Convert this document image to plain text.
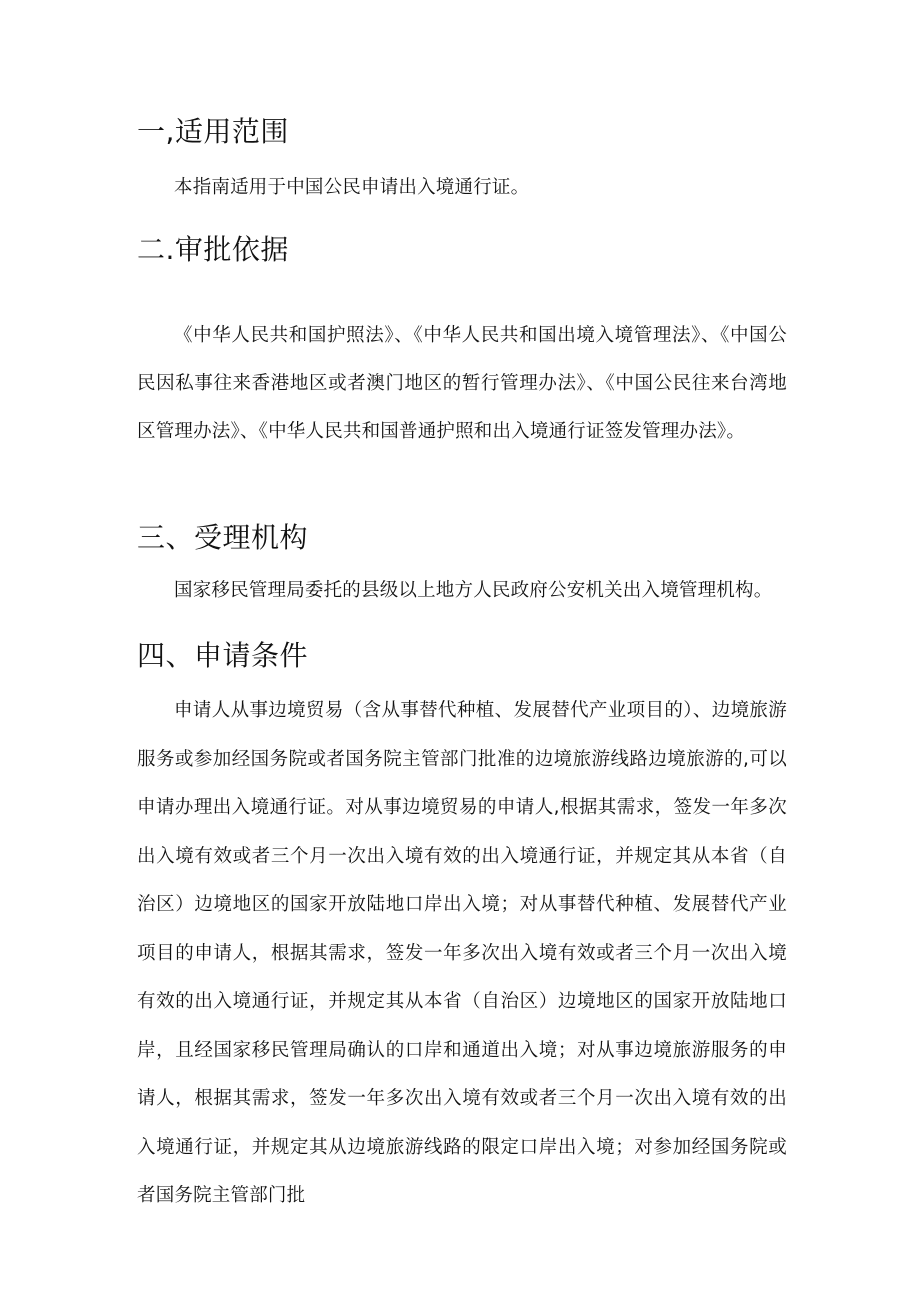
一,适用范围

本指南适用于中国公民申请出入境通行证。

二.审批依据

《中华人民共和国护照法》、《中华人民共和国出境入境管理法》、《中国公民因私事往来香港地区或者澳门地区的暂行管理办法》、《中国公民往来台湾地区管理办法》、《中华人民共和国普通护照和出入境通行证签发管理办法》。

三、受理机构

国家移民管理局委托的县级以上地方人民政府公安机关出入境管理机构。

四、申请条件

申请人从事边境贸易（含从事替代种植、发展替代产业项目的）、边境旅游服务或参加经国务院或者国务院主管部门批准的边境旅游线路边境旅游的,可以申请办理出入境通行证。对从事边境贸易的申请人,根据其需求，签发一年多次出入境有效或者三个月一次出入境有效的出入境通行证，并规定其从本省（自治区）边境地区的国家开放陆地口岸出入境；对从事替代种植、发展替代产业项目的申请人，根据其需求，签发一年多次出入境有效或者三个月一次出入境有效的出入境通行证，并规定其从本省（自治区）边境地区的国家开放陆地口岸，且经国家移民管理局确认的口岸和通道出入境；对从事边境旅游服务的申请人，根据其需求，签发一年多次出入境有效或者三个月一次出入境有效的出入境通行证，并规定其从边境旅游线路的限定口岸出入境；对参加经国务院或者国务院主管部门批
